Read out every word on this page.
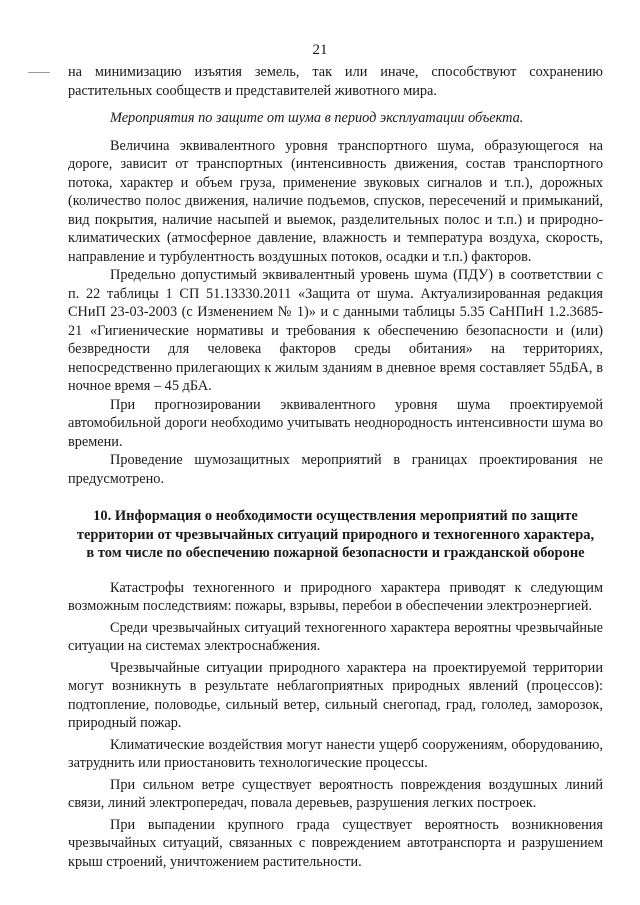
21

на минимизацию изъятия земель, так или иначе, способствуют сохранению растительных сообществ и представителей животного мира.

Мероприятия по защите от шума в период эксплуатации объекта.

Величина эквивалентного уровня транспортного шума, образующегося на дороге, зависит от транспортных (интенсивность движения, состав транспортного потока, характер и объем груза, применение звуковых сигналов и т.п.), дорожных (количество полос движения, наличие подъемов, спусков, пересечений и примыканий, вид покрытия, наличие насыпей и выемок, разделительных полос и т.п.) и природно-климатических (атмосферное давление, влажность и температура воздуха, скорость, направление и турбулентность воздушных потоков, осадки и т.п.) факторов.

Предельно допустимый эквивалентный уровень шума (ПДУ) в соответствии с п. 22 таблицы 1 СП 51.13330.2011 «Защита от шума. Актуализированная редакция СНиП 23-03-2003 (с Изменением № 1)» и с данными таблицы 5.35 СаНПиН 1.2.3685-21 «Гигиенические нормативы и требования к обеспечению безопасности и (или) безвредности для человека факторов среды обитания» на территориях, непосредственно прилегающих к жилым зданиям в дневное время составляет 55дБА, в ночное время – 45 дБА.

При прогнозировании эквивалентного уровня шума проектируемой автомобильной дороги необходимо учитывать неоднородность интенсивности шума во времени.

Проведение шумозащитных мероприятий в границах проектирования не предусмотрено.

10. Информация о необходимости осуществления мероприятий по защите территории от чрезвычайных ситуаций природного и техногенного характера, в том числе по обеспечению пожарной безопасности и гражданской обороне

Катастрофы техногенного и природного характера приводят к следующим возможным последствиям: пожары, взрывы, перебои в обеспечении электроэнергией.

Среди чрезвычайных ситуаций техногенного характера вероятны чрезвычайные ситуации на системах электроснабжения.

Чрезвычайные ситуации природного характера на проектируемой территории могут возникнуть в результате неблагоприятных природных явлений (процессов): подтопление, половодье, сильный ветер, сильный снегопад, град, гололед, заморозок, природный пожар.

Климатические воздействия могут нанести ущерб сооружениям, оборудованию, затруднить или приостановить технологические процессы.

При сильном ветре существует вероятность повреждения воздушных линий связи, линий электропередач, повала деревьев, разрушения легких построек.

При выпадении крупного града существует вероятность возникновения чрезвычайных ситуаций, связанных с повреждением автотранспорта и разрушением крыш строений, уничтожением растительности.
